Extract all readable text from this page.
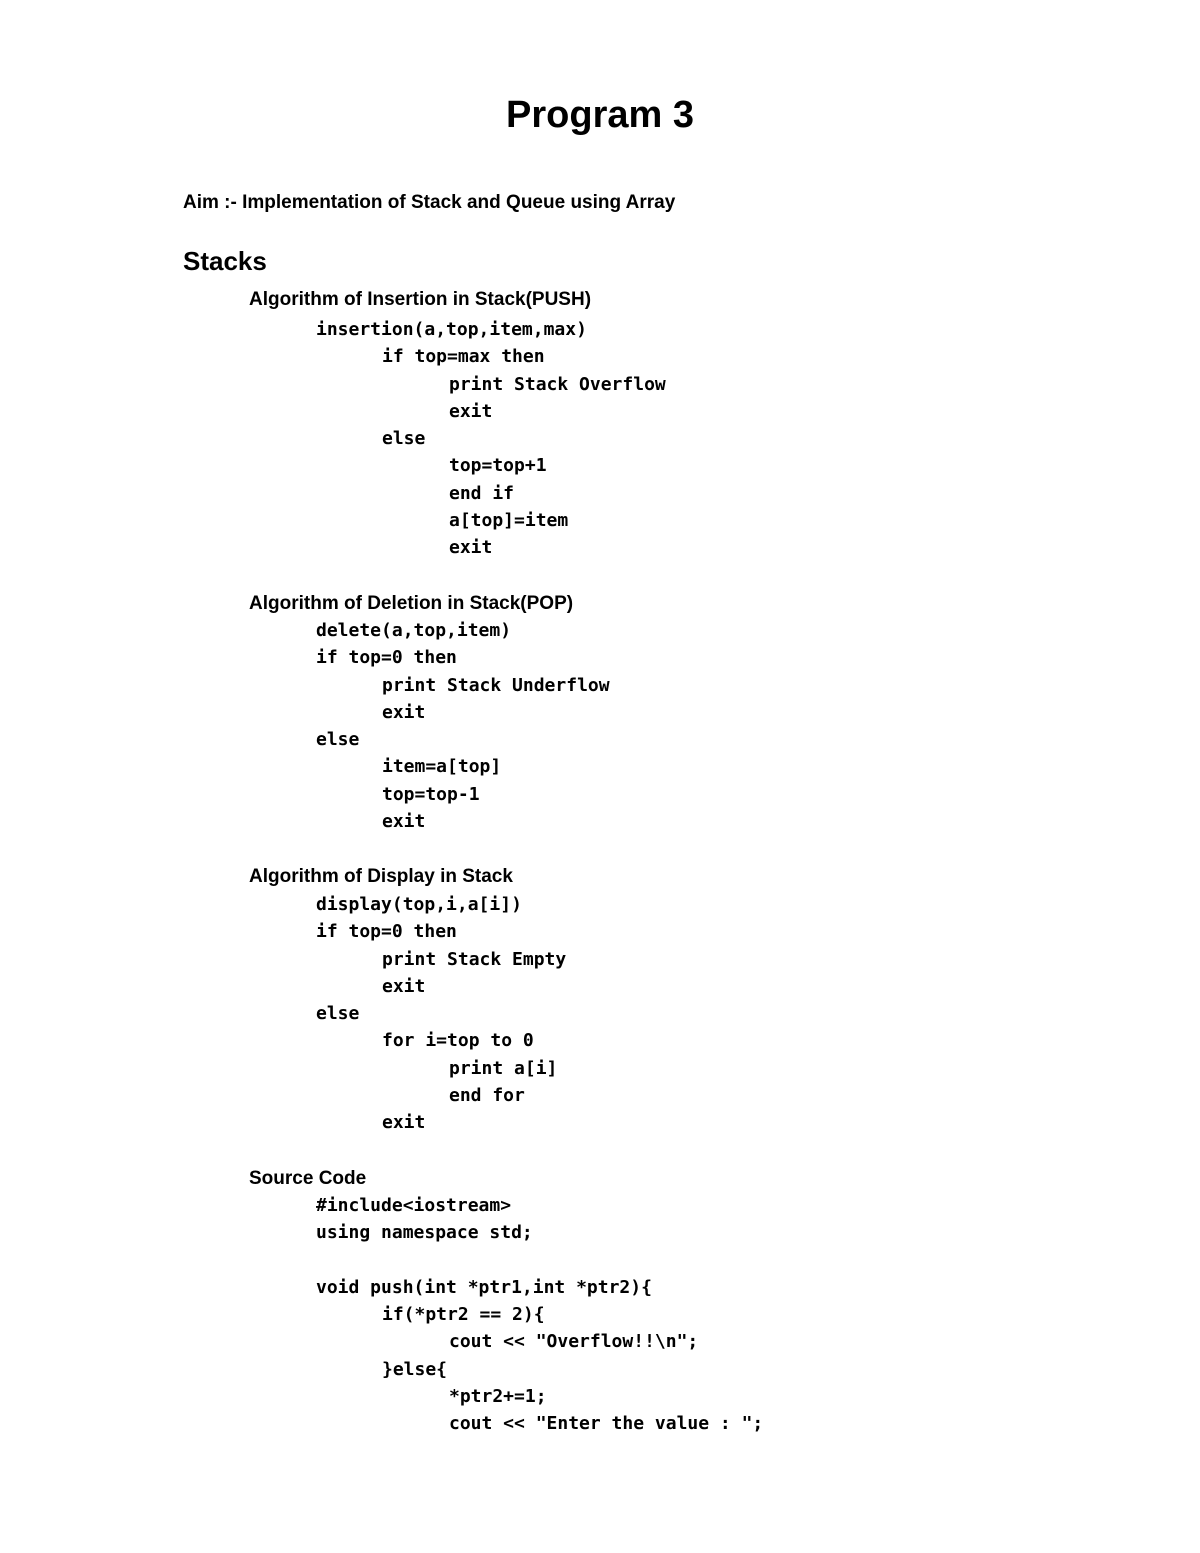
Program 3

Aim :- Implementation of Stack and Queue using Array

Stacks
Algorithm of Insertion in Stack(PUSH)
insertion(a,top,item,max)
if top=max then
print Stack Overflow
exit
else
top=top+1
end if
a[top]=item
exit
Algorithm of Deletion in Stack(POP)
delete(a,top,item)
if top=0 then
print Stack Underflow
exit
else
item=a[top]
top=top-1
exit
Algorithm of Display in Stack
display(top,i,a[i])
if top=0 then
print Stack Empty
exit
else
for i=top to 0
print a[i]
end for
exit
Source Code
#include<iostream>
using namespace std;
void push(int *ptr1,int *ptr2){
if(*ptr2 == 2){
cout << "Overflow!!\n";
}else{
*ptr2+=1;
cout << "Enter the value : ";
